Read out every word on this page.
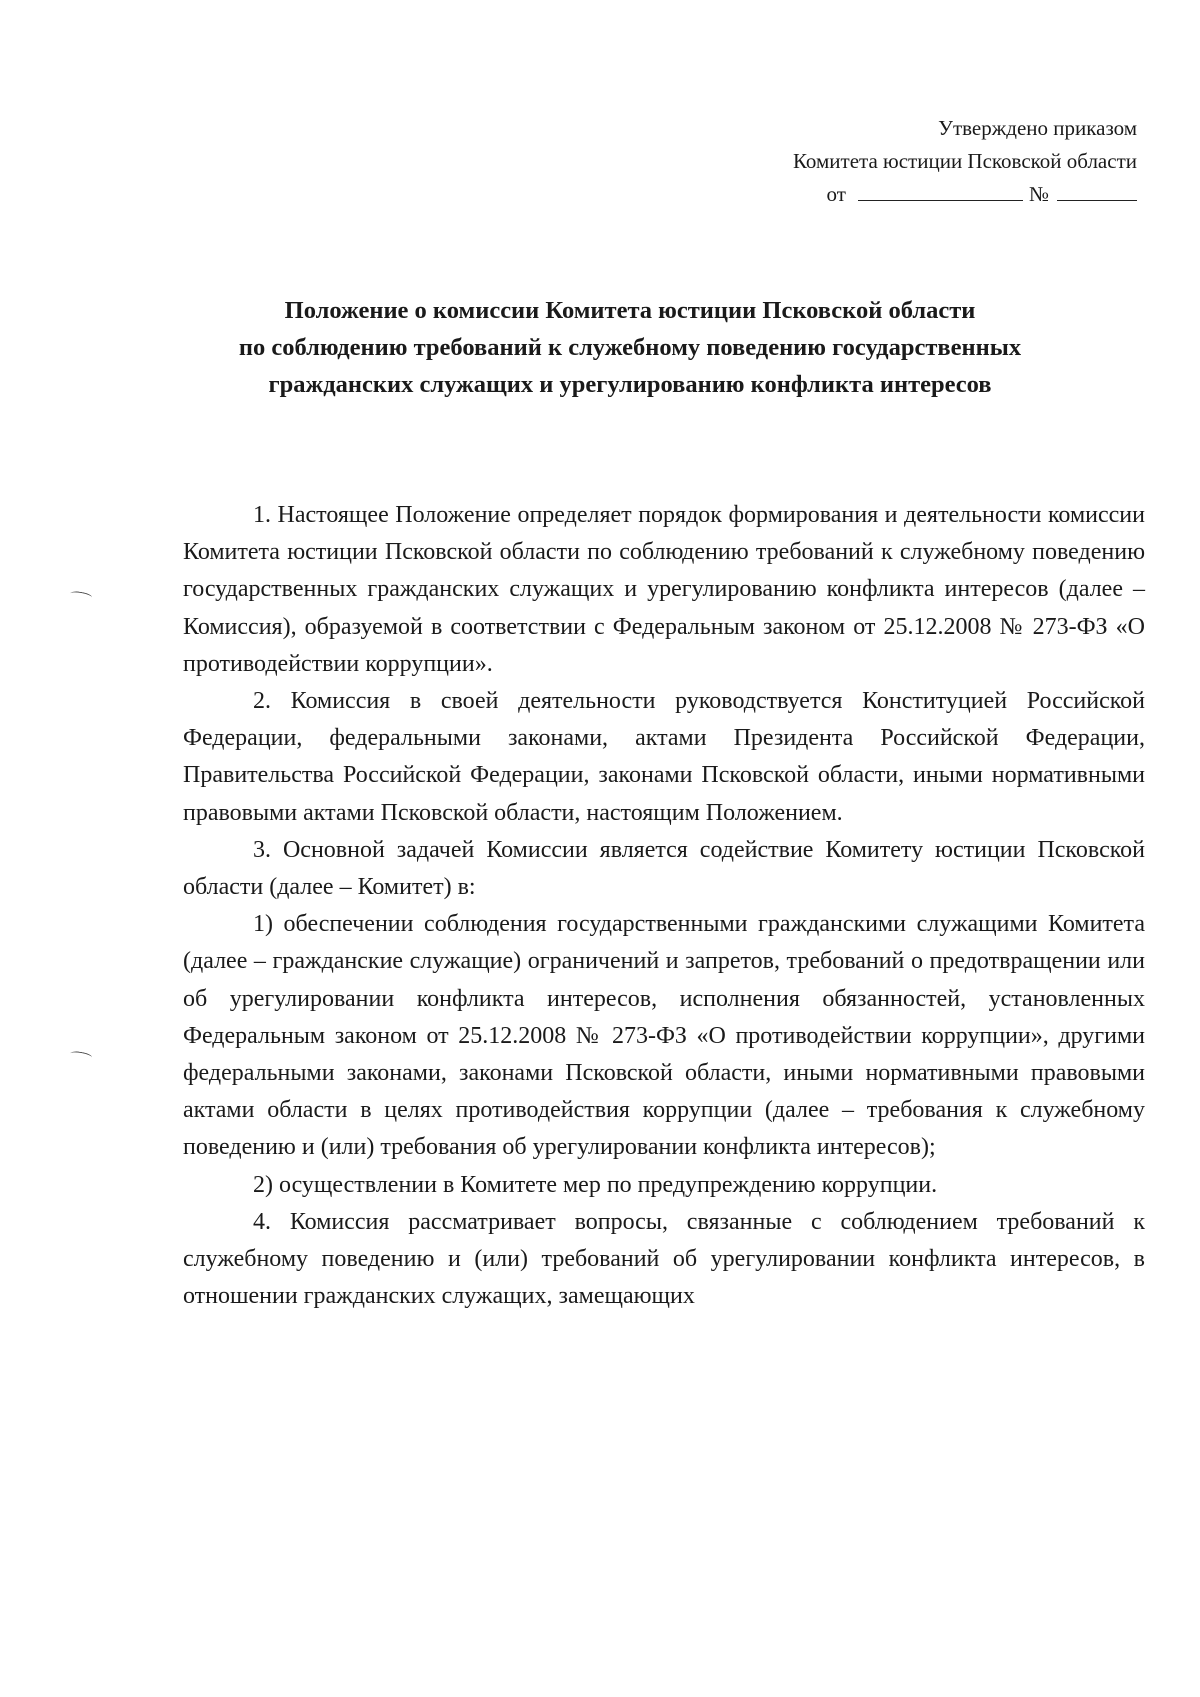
Утверждено приказом
Комитета юстиции Псковской области
от	№
Положение о комиссии Комитета юстиции Псковской области
по соблюдению требований к служебному поведению государственных
гражданских служащих и урегулированию конфликта интересов

1. Настоящее Положение определяет порядок формирования и деятельности комиссии Комитета юстиции Псковской области по соблюдению требований к служебному поведению государственных гражданских служащих и урегулированию конфликта интересов (далее – Комиссия), образуемой в соответствии с Федеральным законом от 25.12.2008 № 273-ФЗ «О противодействии коррупции».

2. Комиссия в своей деятельности руководствуется Конституцией Российской Федерации, федеральными законами, актами Президента Российской Федерации, Правительства Российской Федерации, законами Псковской области, иными нормативными правовыми актами Псковской области, настоящим Положением.

3. Основной задачей Комиссии является содействие Комитету юстиции Псковской области (далее – Комитет) в:

1) обеспечении соблюдения государственными гражданскими служащими Комитета (далее – гражданские служащие) ограничений и запретов, требований о предотвращении или об урегулировании конфликта интересов, исполнения обязанностей, установленных Федеральным законом от 25.12.2008 № 273-ФЗ «О противодействии коррупции», другими федеральными законами, законами Псковской области, иными нормативными правовыми актами области в целях противодействия коррупции (далее – требования к служебному поведению и (или) требования об урегулировании конфликта интересов);

2) осуществлении в Комитете мер по предупреждению коррупции.

4. Комиссия рассматривает вопросы, связанные с соблюдением требований к служебному поведению и (или) требований об урегулировании конфликта интересов, в отношении гражданских служащих, замещающих
